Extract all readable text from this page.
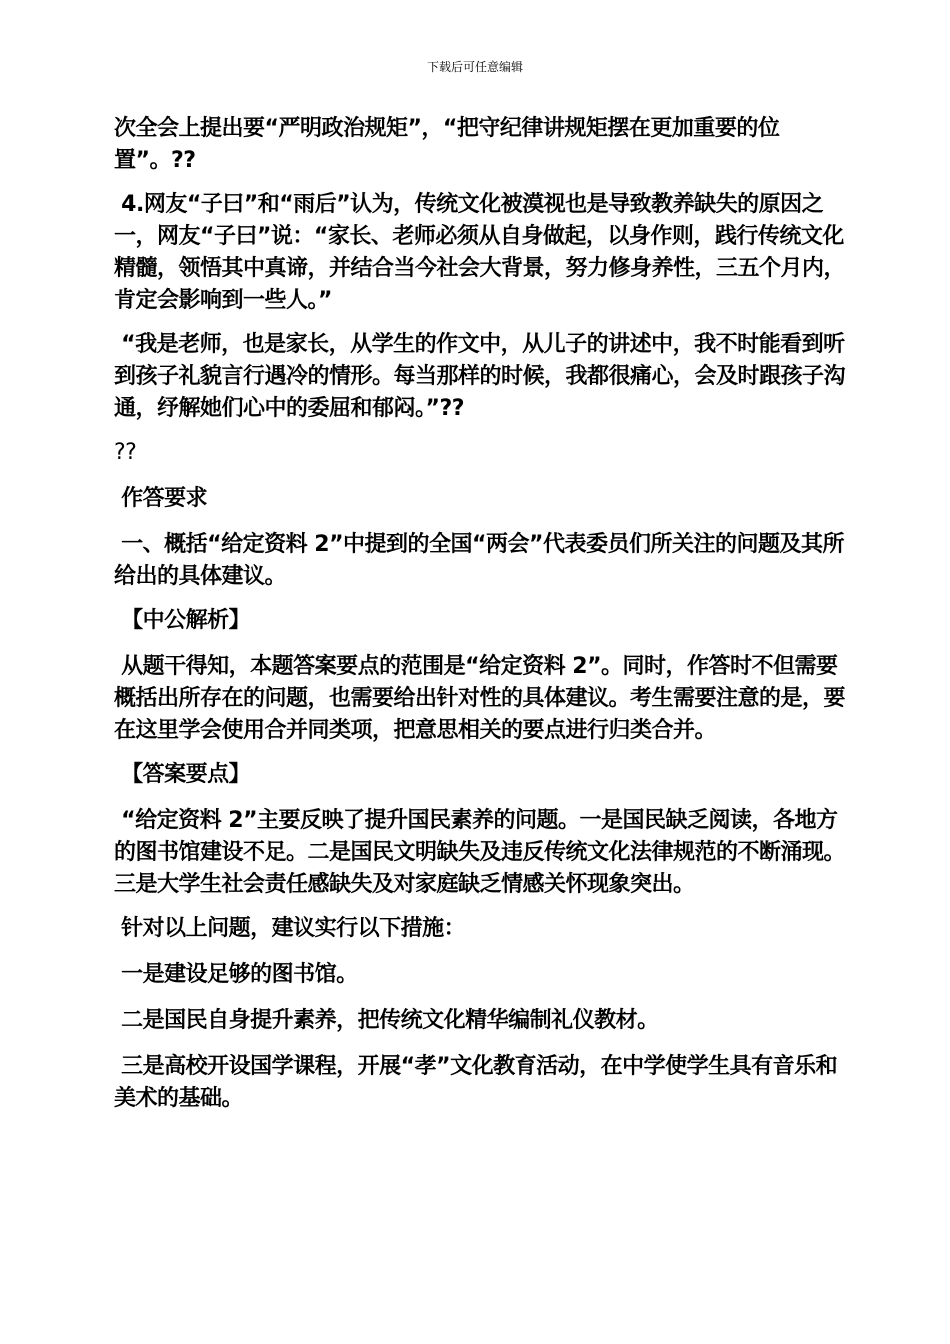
下载后可任意编辑

次全会上提出要“严明政治规矩”，“把守纪律讲规矩摆在更加重要的位置”。??

4.网友“子曰”和“雨后”认为，传统文化被漠视也是导致教养缺失的原因之一，网友“子曰”说：“家长、老师必须从自身做起，以身作则，践行传统文化精髓，领悟其中真谛，并结合当今社会大背景，努力修身养性，三五个月内，肯定会影响到一些人。”

“我是老师，也是家长，从学生的作文中，从儿子的讲述中，我不时能看到听到孩子礼貌言行遇冷的情形。每当那样的时候，我都很痛心，会及时跟孩子沟通，纾解她们心中的委屈和郁闷。”??

??

作答要求

一、概括“给定资料 2”中提到的全国“两会”代表委员们所关注的问题及其所给出的具体建议。

【中公解析】

从题干得知，本题答案要点的范围是“给定资料 2”。同时，作答时不但需要概括出所存在的问题，也需要给出针对性的具体建议。考生需要注意的是，要在这里学会使用合并同类项，把意思相关的要点进行归类合并。

【答案要点】

“给定资料 2”主要反映了提升国民素养的问题。一是国民缺乏阅读，各地方的图书馆建设不足。二是国民文明缺失及违反传统文化法律规范的不断涌现。三是大学生社会责任感缺失及对家庭缺乏情感关怀现象突出。

针对以上问题，建议实行以下措施：

一是建设足够的图书馆。

二是国民自身提升素养，把传统文化精华编制礼仪教材。

三是高校开设国学课程，开展“孝”文化教育活动，在中学使学生具有音乐和美术的基础。
